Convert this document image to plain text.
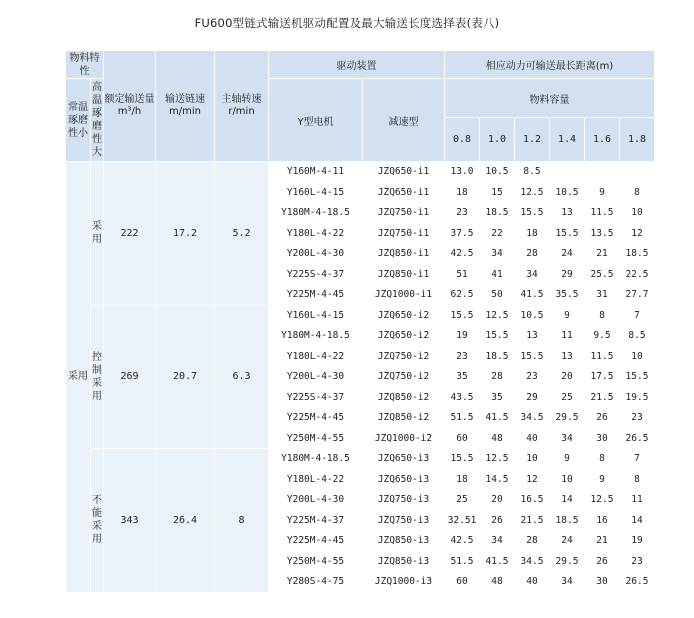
FU600型链式输送机驱动配置及最大输送长度选择表(表八)
物料特性		额定输送量m³/h	输送链速m/min	主轴转速r/min	驱动装置		相应动力可输送最长距离(m)					
常温琢磨性小	高温琢磨性大				Y型电机	减速型	物料容量					
							0.8	1.0	1.2	1.4	1.6	1.8
采用	采用	222	17.2	5.2	Y160M-4-11	JZQ650-i1	13.0	10.5	8.5			
					Y160L-4-15	JZQ650-i1	18	15	12.5	10.5	9	8
					Y180M-4-18.5	JZQ750-i1	23	18.5	15.5	13	11.5	10
					Y180L-4-22	JZQ750-i1	37.5	22	18	15.5	13.5	12
					Y200L-4-30	JZQ850-i1	42.5	34	28	24	21	18.5
					Y225S-4-37	JZQ850-i1	51	41	34	29	25.5	22.5
					Y225M-4-45	JZQ1000-i1	62.5	50	41.5	35.5	31	27.7
	控制采用	269	20.7	6.3	Y160L-4-15	JZQ650-i2	15.5	12.5	10.5	9	8	7
					Y180M-4-18.5	JZQ650-i2	19	15.5	13	11	9.5	8.5
					Y180L-4-22	JZQ750-i2	23	18.5	15.5	13	11.5	10
					Y200L-4-30	JZQ750-i2	35	28	23	20	17.5	15.5
					Y225S-4-37	JZQ850-i2	43.5	35	29	25	21.5	19.5
					Y225M-4-45	JZQ850-i2	51.5	41.5	34.5	29.5	26	23
					Y250M-4-55	JZQ1000-i2	60	48	40	34	30	26.5
	不能采用	343	26.4	8	Y180M-4-18.5	JZQ650-i3	15.5	12.5	10	9	8	7
					Y180L-4-22	JZQ650-i3	18	14.5	12	10	9	8
					Y200L-4-30	JZQ750-i3	25	20	16.5	14	12.5	11
					Y225M-4-37	JZQ750-i3	32.51	26	21.5	18.5	16	14
					Y225M-4-45	JZQ850-i3	42.5	34	28	24	21	19
					Y250M-4-55	JZQ850-i3	51.5	41.5	34.5	29.5	26	23
					Y280S-4-75	JZQ1000-i3	60	48	40	34	30	26.5
